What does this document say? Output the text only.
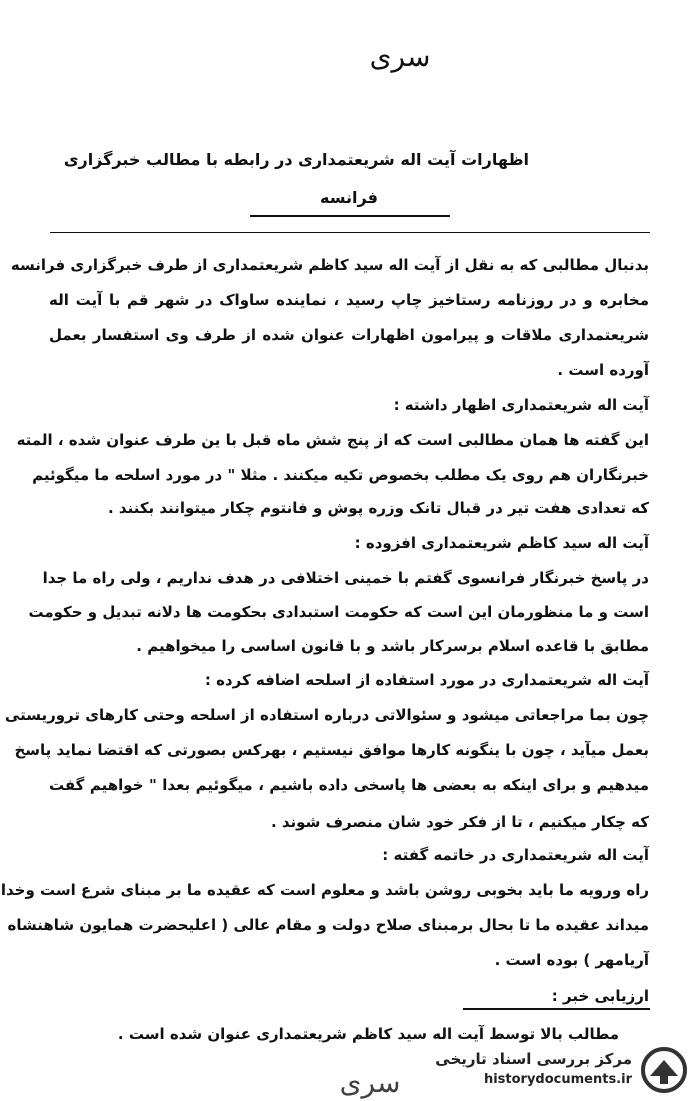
سری
اظهارات آیت اله شریعتمداری در رابطه با مطالب خبرگزاری
فرانسه
بدنبال مطالبی که به نقل از آیت اله سید کاظم شریعتمداری از طرف خبرگزاری فرانسه
مخابره و در روزنامه رستاخیز چاپ رسید ، نماینده ساواک در شهر قم با آیت اله
شریعتمداری ملاقات و پیرامون اظهارات عنوان شده از طرف وی استفسار بعمل
آورده است .
آیت اله شریعتمداری اظهار داشته :
این گفته ها همان مطالبی است که از پنج شش ماه قبل با ین طرف عنوان شده ، المته
خبرنگاران هم روی یک مطلب بخصوص تکیه میکنند . مثلا " در مورد اسلحه ما میگوئیم
که تعدادی هفت تیر در قبال تانک وزره پوش و فانتوم چکار میتوانند بکنند .
آیت اله سید کاظم شریعتمداری افزوده :
در پاسخ خبرنگار فرانسوی گفتم با خمینی اختلافی در هدف نداریم ، ولی راه ما جدا
است و ما منظورمان این است که حکومت استبدادی بحکومت ها دلانه تبدیل و حکومت
مطابق با قاعده اسلام برسرکار باشد و با قانون اساسی را میخواهیم .
آیت اله شریعتمداری در مورد استفاده از اسلحه اضافه کرده :
چون بما مراجعاتی میشود و سئوالاتی درباره استفاده از اسلحه وحتی کارهای تروریستی
بعمل میآید ، چون با ینگونه کارها موافق نیستیم ، بهرکس بصورتی که اقتضا نماید پاسخ
میدهیم و برای اینکه به بعضی ها پاسخی داده باشیم ، میگوئیم بعدا " خواهیم گفت
که چکار میکنیم ، تا از فکر خود شان منصرف شوند .
آیت اله شریعتمداری در خاتمه گفته :
راه ورویه ما باید بخوبی روشن باشد و معلوم است که عقیده ما بر مبنای شرع است وخدا
میداند عقیده ما تا بحال برمبنای صلاح دولت و مقام عالی ( اعلیحضرت همایون شاهنشاه
آریامهر ) بوده است .
ارزیابی خبر :
مطالب بالا توسط آیت اله سید کاظم شریعتمداری عنوان شده است .
سری
مرکز بررسی اسناد تاریخی
historydocuments.ir
